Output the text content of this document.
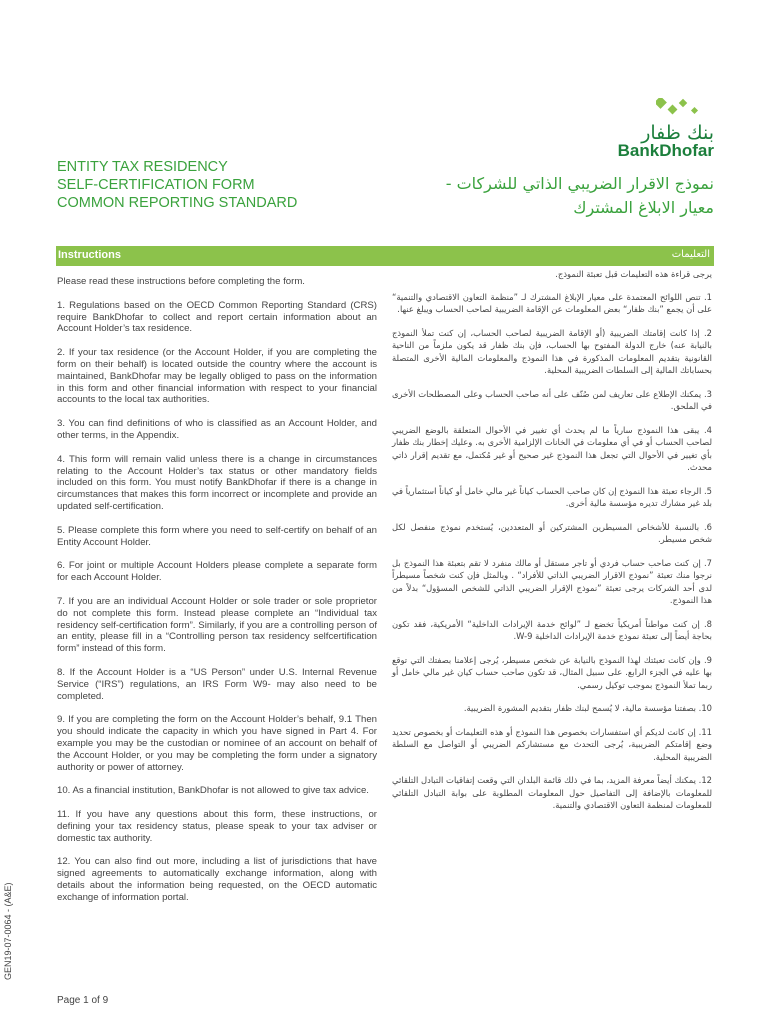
بنك ظفار
BankDhofar
ENTITY TAX RESIDENCY
SELF-CERTIFICATION FORM
COMMON REPORTING STANDARD
نموذج الاقرار الضريبي الذاتي للشركات -
معيار الابلاغ المشترك
Instructions	التعليمات

Please read these instructions before completing the form.

1. Regulations based on the OECD Common Reporting Standard (CRS) require BankDhofar to collect and report certain information about an Account Holder’s tax residence.

2. If your tax residence (or the Account Holder, if you are completing the form on their behalf) is located outside the country where the account is maintained, BankDhofar may be legally obliged to pass on the information in this form and other financial information with respect to your financial accounts to the local tax authorities.

3. You can find definitions of who is classified as an Account Holder, and other terms, in the Appendix.

4. This form will remain valid unless there is a change in circumstances relating to the Account Holder’s tax status or other mandatory fields included on this form. You must notify BankDhofar if there is a change in circumstances that makes this form incorrect or incomplete and provide an updated self-certification.

5. Please complete this form where you need to self-certify on behalf of an Entity Account Holder.

6. For joint or multiple Account Holders please complete a separate form for each Account Holder.

7. If you are an individual Account Holder or sole trader or sole proprietor do not complete this form. Instead please complete an “Individual tax residency self-certification form”. Similarly, if you are a controlling person of an entity, please fill in a “Controlling person tax residency selfcertification form” instead of this form.

8. If the Account Holder is a “US Person” under U.S. Internal Revenue Service (“IRS”) regulations, an IRS Form W9- may also need to be completed.

9. If you are completing the form on the Account Holder’s behalf, 9.1 Then you should indicate the capacity in which you have signed in Part 4. For example you may be the custodian or nominee of an account on behalf of the Account Holder, or you may be completing the form under a signatory authority or power of attorney.

10. As a financial institution, BankDhofar is not allowed to give tax advice.

11. If you have any questions about this form, these instructions, or defining your tax residency status, please speak to your tax adviser or domestic tax authority.

12. You can also find out more, including a list of jurisdictions that have signed agreements to automatically exchange information, along with details about the information being requested, on the OECD automatic exchange of information portal.

يرجى قراءة هذه التعليمات قبل تعبئة النموذج.

1. تنص اللوائح المعتمدة على معيار الإبلاغ المشترك لـ ”منظمة التعاون الاقتصادي والتنمية“ على أن يجمع ”بنك ظفار“ بعض المعلومات عن الإقامة الضريبية لصاحب الحساب ويبلغ عنها.

2. إذا كانت إقامتك الضريبية (أو الإقامة الضريبية لصاحب الحساب، إن كنت تملأ النموذج بالنيابة عنه) خارج الدولة المفتوح بها الحساب، فإن بنك ظفار قد يكون ملزماً من الناحية القانونية بتقديم المعلومات المذكورة في هذا النموذج والمعلومات المالية الأخرى المتصلة بحساباتك المالية إلى السلطات الضريبية المحلية.

3. يمكنك الإطلاع على تعاريف لمن صُنّف على أنه صاحب الحساب وعلى المصطلحات الأخرى في الملحق.

4. يبقى هذا النموذج سارياً ما لم يحدث أي تغيير في الأحوال المتعلقة بالوضع الضريبي لصاحب الحساب أو في أي معلومات في الخانات الإلزامية الأخرى به. وعليك إخطار بنك ظفار بأي تغيير في الأحوال التي تجعل هذا النموذج غير صحيح أو غير مُكتمل، مع تقديم إقرار ذاتي محدث.

5. الرجاء تعبئة هذا النموذج إن كان صاحب الحساب كياناً غير مالي خامل أو كياناً استثمارياً في بلد غير مشارك تديره مؤسسة مالية أخرى.

6. بالنسبة للأشخاص المسيطرين المشتركين أو المتعددين، يُستخدم نموذج منفصل لكل شخص مسيطر.

7. إن كنت صاحب حساب فردي أو تاجر مستقل أو مالك منفرد لا تقم بتعبئة هذا النموذج بل نرجوا منك تعبئة ”نموذج الاقرار الضريبي الذاتي للأفراد“ . وبالمثل فإن كنت شخصاً مسيطراً لدى أحد الشركات يرجى تعبئة ”نموذج الإقرار الضريبي الذاتي للشخص المسؤول“ بدلاً من هذا النموذج.

8. إن كنت مواطناً أمريكياً تخضع لـ ”لوائح خدمة الإيرادات الداخلية“ الأمريكية، فقد تكون بحاجة أيضاً إلى تعبئة نموذج خدمة الإيرادات الداخلية W-9.

9. وإن كانت تعبئتك لهذا النموذج بالنيابة عن شخص مسيطر، يُرجى إعلامنا بصفتك التي توقع بها عليه في الجزء الرابع. على سبيل المثال، قد تكون صاحب حساب كيان غير مالي خامل أو ربما تملأ النموذج بموجب توكيل رسمي.

10. بصفتنا مؤسسة مالية، لا يُسمح لبنك ظفار بتقديم المشورة الضريبية.

11. إن كانت لديكم أي استفسارات بخصوص هذا النموذج أو هذه التعليمات أو بخصوص تحديد وضع إقامتكم الضريبية، يُرجى التحدث مع مستشاركم الضريبي أو التواصل مع السلطة الضريبية المحلية.

12. يمكنك أيضاً معرفة المزيد، بما في ذلك قائمة البلدان التي وقعت إتفاقيات التبادل التلقائي للمعلومات بالإضافة إلى التفاصيل حول المعلومات المطلوبة على بوابة التبادل التلقائي للمعلومات لمنظمة التعاون الاقتصادي والتنمية.

GEN19-07-0064 - (A&E)
Page 1 of 9
